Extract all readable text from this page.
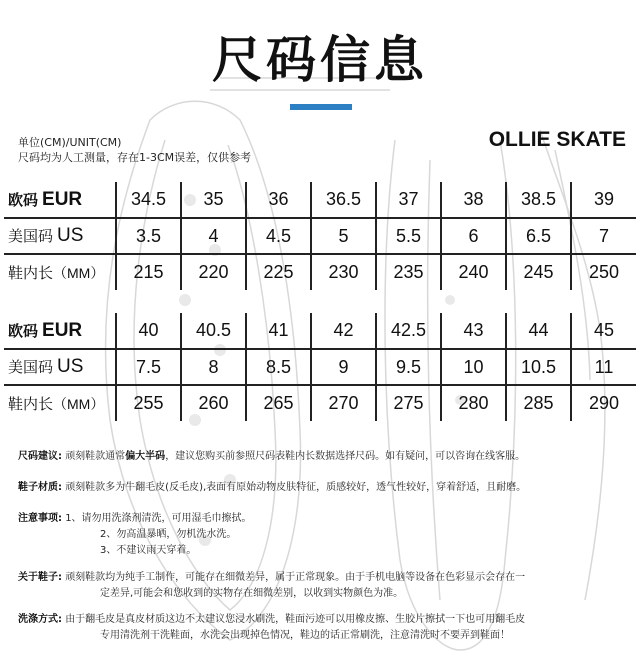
尺码信息
单位(CM)/UNIT(CM)
尺码均为人工测量，存在1-3CM误差，仅供参考
OLLIE SKATE
欧码 EUR	34.5	35	36	36.5	37	38	38.5	39
美国码 US	3.5	4	4.5	5	5.5	6	6.5	7
鞋内长（MM）	215	220	225	230	235	240	245	250
欧码 EUR	40	40.5	41	42	42.5	43	44	45
美国码 US	7.5	8	8.5	9	9.5	10	10.5	11
鞋内长（MM）	255	260	265	270	275	280	285	290
尺码建议: 顽刻鞋款通常偏大半码，建议您购买前参照尺码表鞋内长数据选择尺码。如有疑问，可以咨询在线客服。
鞋子材质: 顽刻鞋款多为牛翻毛皮(反毛皮),表面有原始动物皮肤特征，质感较好，透气性较好，穿着舒适，且耐磨。
注意事项: 1、请勿用洗涤剂清洗，可用湿毛巾擦拭。
2、勿高温暴晒，勿机洗水洗。
3、不建议雨天穿着。
关于鞋子: 顽刻鞋款均为纯手工制作，可能存在细微差异，属于正常现象。由于手机电脑等设备在色彩显示会存在一
定差异,可能会和您收到的实物存在细微差别，以收到实物颜色为准。
洗涤方式: 由于翻毛皮是真皮材质这边不太建议您浸水刷洗，鞋面污迹可以用橡皮擦、生胶片擦拭一下也可用翻毛皮
专用清洗剂干洗鞋面，水洗会出现掉色情况，鞋边的话正常刷洗，注意清洗时不要弄到鞋面！
